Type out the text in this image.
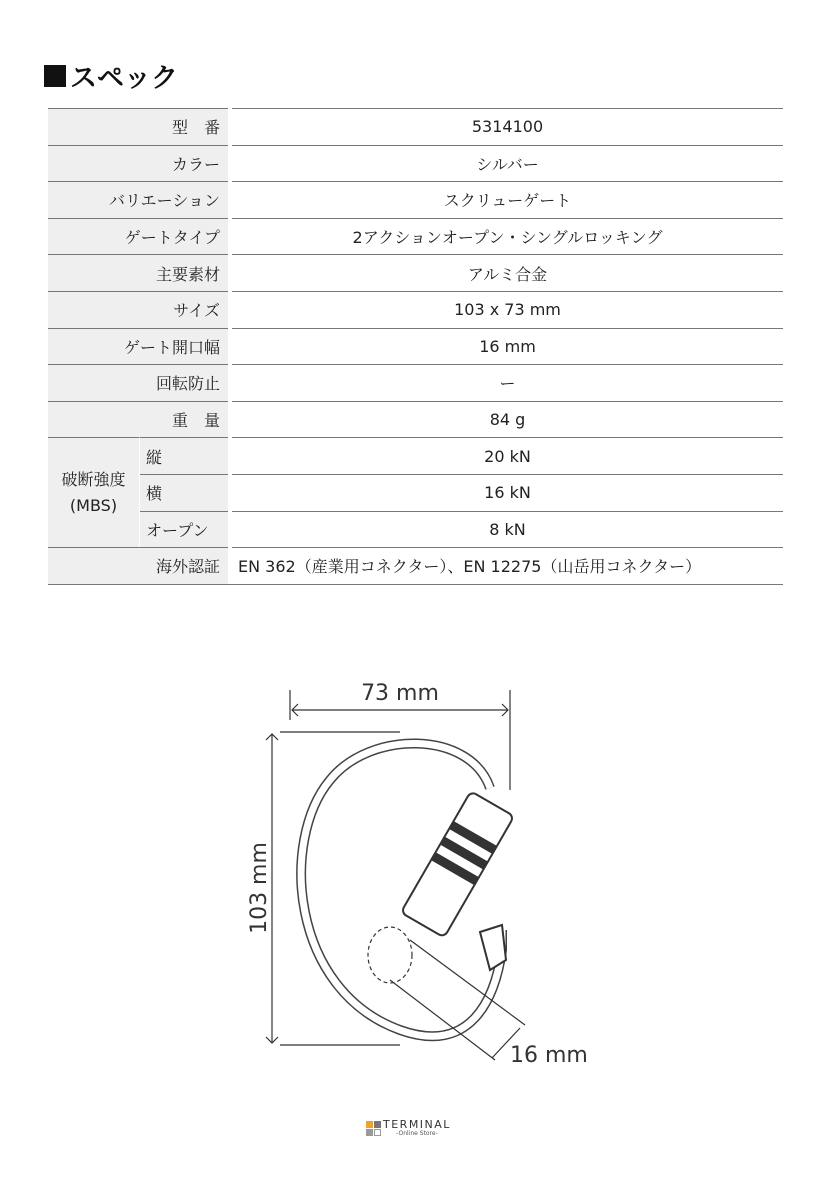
スペック
型　番	5314100
カラー	シルバー
バリエーション	スクリューゲート
ゲートタイプ	2アクションオープン・シングルロッキング
主要素材	アルミ合金
サイズ	103 x 73 mm
ゲート開口幅	16 mm
回転防止	ー
重　量	84 g
破断強度
(MBS)
縦	20 kN
横	16 kN
オープン	8 kN
海外認証	EN 362（産業用コネクター）、EN 12275（山岳用コネクター）
73 mm
103 mm
16 mm
TERMINAL
-Online Store-
